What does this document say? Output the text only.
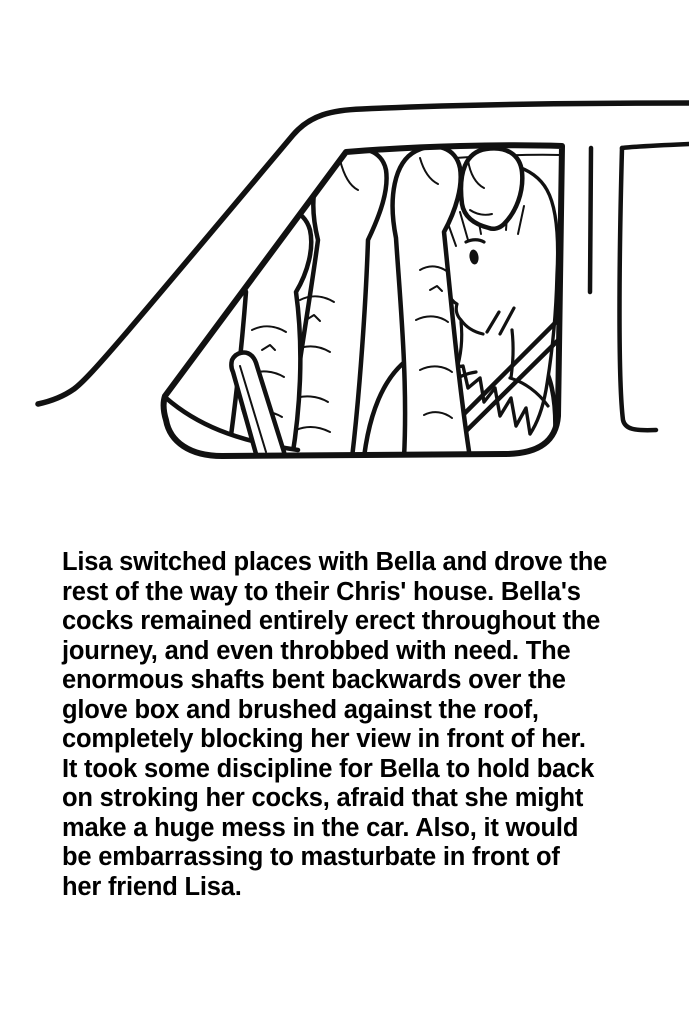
Lisa switched places with Bella and drove the
rest of the way to their Chris' house. Bella's
cocks remained entirely erect throughout the
journey, and even throbbed with need. The
enormous shafts bent backwards over the
glove box and brushed against the roof,
completely blocking her view in front of her.
It took some discipline for Bella to hold back
on stroking her cocks, afraid that she might
make a huge mess in the car. Also, it would
be embarrassing to masturbate in front of
her friend Lisa.
